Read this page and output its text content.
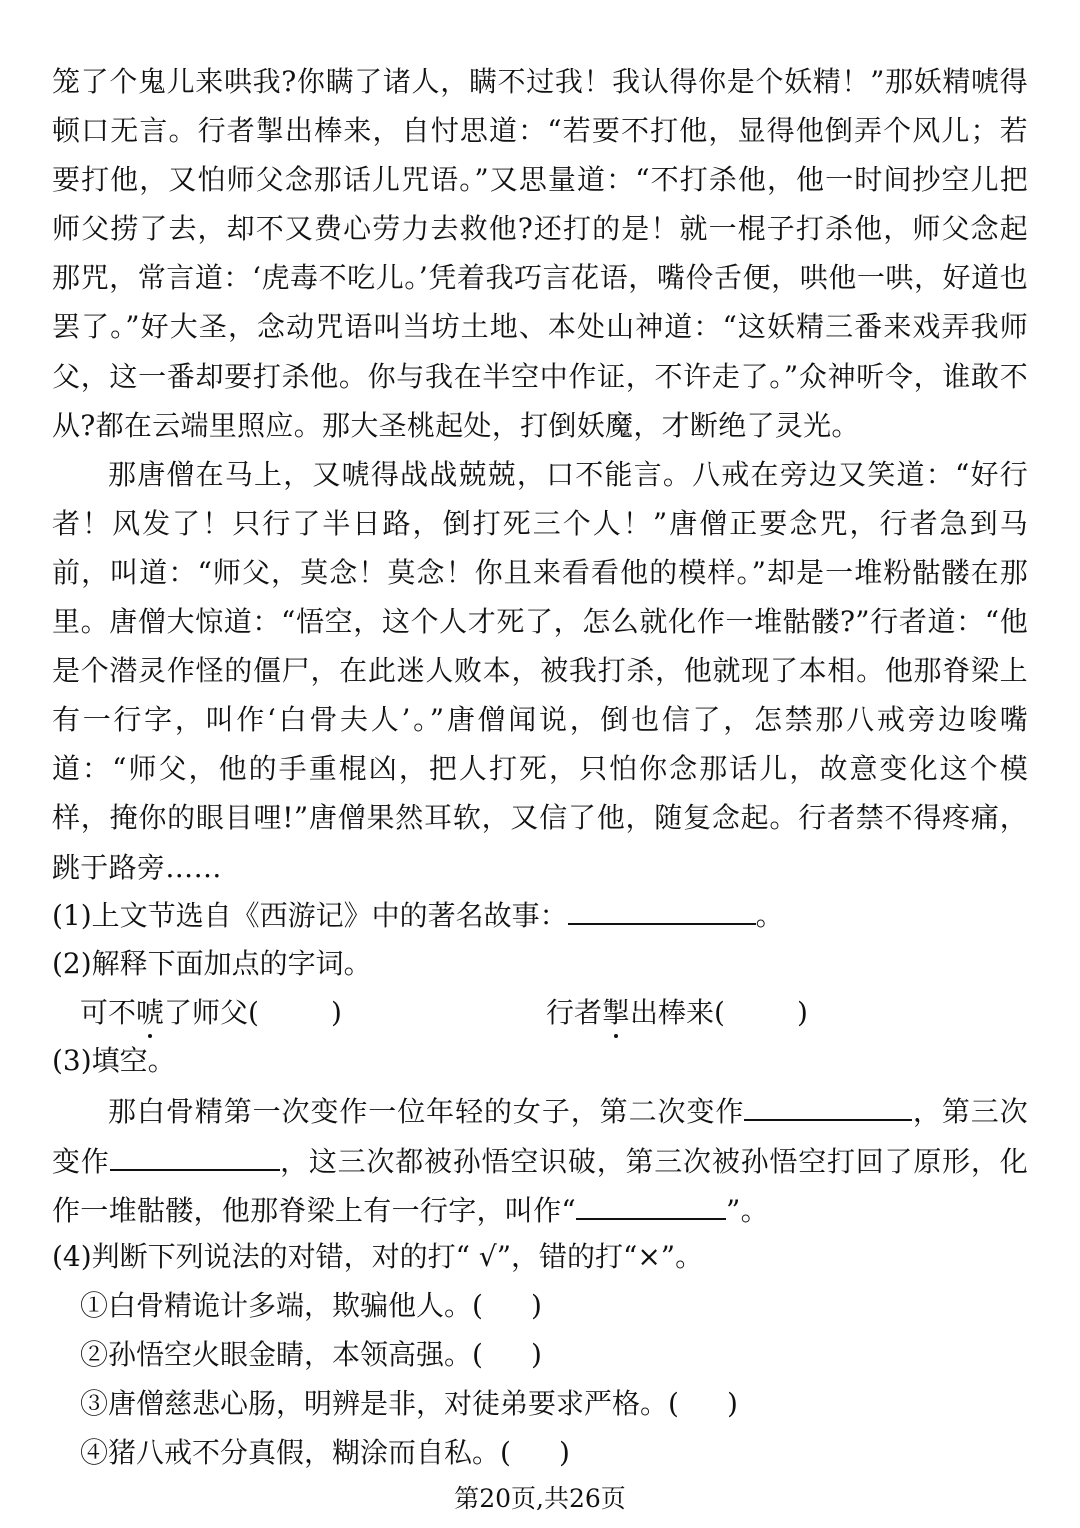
笼了个鬼儿来哄我?你瞒了诸人，瞒不过我！我认得你是个妖精！”那妖精唬得顿口无言。行者掣出棒来，自忖思道：“若要不打他，显得他倒弄个风儿；若要打他，又怕师父念那话儿咒语。”又思量道：“不打杀他，他一时间抄空儿把师父捞了去，却不又费心劳力去救他?还打的是！就一棍子打杀他，师父念起那咒，常言道：‘虎毒不吃儿。’凭着我巧言花语，嘴伶舌便，哄他一哄，好道也罢了。”好大圣，念动咒语叫当坊土地、本处山神道：“这妖精三番来戏弄我师父，这一番却要打杀他。你与我在半空中作证，不许走了。”众神听令，谁敢不从?都在云端里照应。那大圣桃起处，打倒妖魔，才断绝了灵光。

那唐僧在马上，又唬得战战兢兢，口不能言。八戒在旁边又笑道：“好行者！风发了！只行了半日路，倒打死三个人！”唐僧正要念咒，行者急到马前，叫道：“师父，莫念！莫念！你且来看看他的模样。”却是一堆粉骷髅在那里。唐僧大惊道：“悟空，这个人才死了，怎么就化作一堆骷髅?”行者道：“他是个潜灵作怪的僵尸，在此迷人败本，被我打杀，他就现了本相。他那脊梁上有一行字，叫作‘白骨夫人’。”唐僧闻说，倒也信了，怎禁那八戒旁边唆嘴道：“师父，他的手重棍凶，把人打死，只怕你念那话儿，故意变化这个模样，掩你的眼目哩!”唐僧果然耳软，又信了他，随复念起。行者禁不得疼痛，跳于路旁……

(1)上文节选自《西游记》中的著名故事：	。
(2)解释下面加点的字词。
可不唬了师父(	)	行者掣出棒来(	)
(3)填空。

那白骨精第一次变作一位年轻的女子，第二次变作	，第三次变作	，这三次都被孙悟空识破，第三次被孙悟空打回了原形，化作一堆骷髅，他那脊梁上有一行字，叫作“	”。

(4)判断下列说法的对错，对的打“ √”，错的打“×”。
①白骨精诡计多端，欺骗他人。( )
②孙悟空火眼金睛，本领高强。( )
③唐僧慈悲心肠，明辨是非，对徒弟要求严格。( )
④猪八戒不分真假，糊涂而自私。( )
第20页,共26页
